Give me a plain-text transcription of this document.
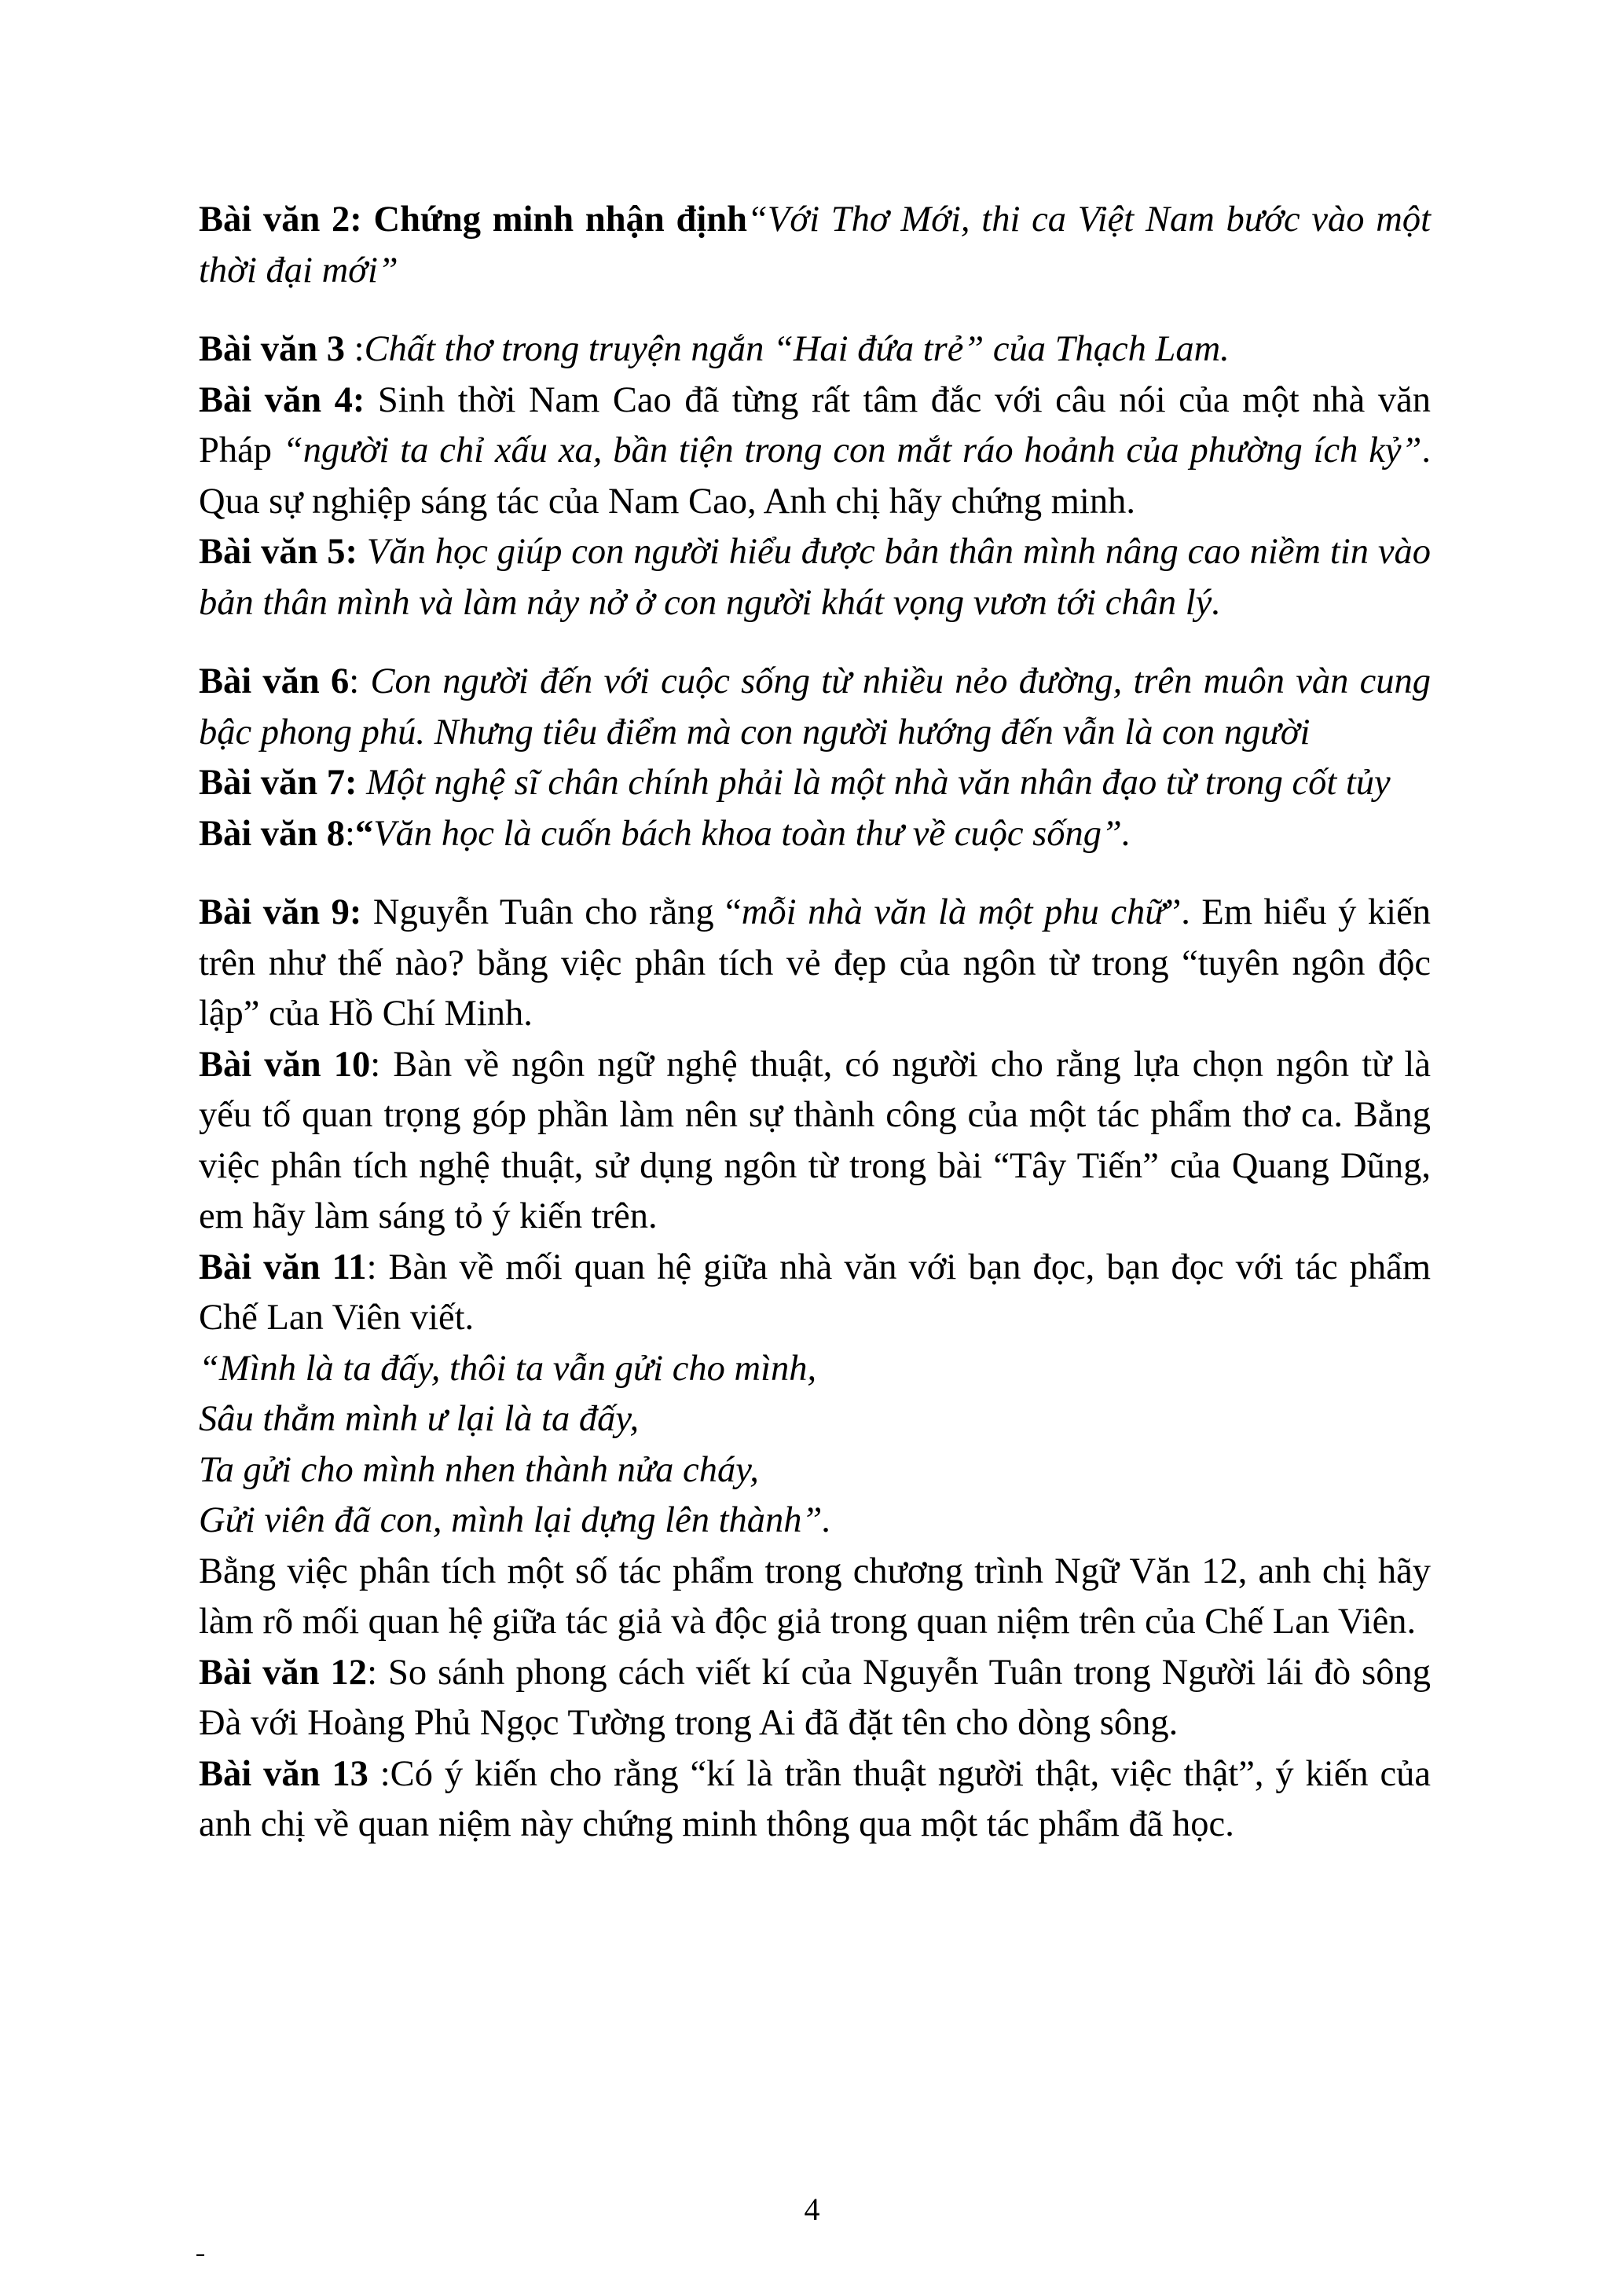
Bài văn 2: Chứng minh nhận định“Với Thơ Mới, thi ca Việt Nam bước vào một thời đại mới”

Bài văn 3 :Chất thơ trong truyện ngắn “Hai đứa trẻ” của Thạch Lam.

Bài văn 4: Sinh thời Nam Cao đã từng rất tâm đắc với câu nói của một nhà văn Pháp “người ta chỉ xấu xa, bần tiện trong con mắt ráo hoảnh của phường ích kỷ”. Qua sự nghiệp sáng tác của Nam Cao, Anh chị hãy chứng minh.

Bài văn 5: Văn học giúp con người hiểu được bản thân mình nâng cao niềm tin vào bản thân mình và làm nảy nở ở con người khát vọng vươn tới chân lý.

Bài văn 6: Con người đến với cuộc sống từ nhiều nẻo đường, trên muôn vàn cung bậc phong phú. Nhưng tiêu điểm mà con người hướng đến vẫn là con người

Bài văn 7: Một nghệ sĩ chân chính phải là một nhà văn nhân đạo từ trong cốt tủy

Bài văn 8:“Văn học là cuốn bách khoa toàn thư về cuộc sống”.

Bài văn 9: Nguyễn Tuân cho rằng “mỗi nhà văn là một phu chữ”. Em hiểu ý kiến trên như thế nào? bằng việc phân tích vẻ đẹp của ngôn từ trong “tuyên ngôn độc lập” của Hồ Chí Minh.

Bài văn 10: Bàn về ngôn ngữ nghệ thuật, có người cho rằng lựa chọn ngôn từ là yếu tố quan trọng góp phần làm nên sự thành công của một tác phẩm thơ ca. Bằng việc phân tích nghệ thuật, sử dụng ngôn từ trong bài “Tây Tiến” của Quang Dũng, em hãy làm sáng tỏ ý kiến trên.

Bài văn 11: Bàn về mối quan hệ giữa nhà văn với bạn đọc, bạn đọc với tác phẩm Chế Lan Viên viết.

“Mình là ta đấy, thôi ta vẫn gửi cho mình,

Sâu thẳm mình ư lại là ta đấy,

Ta gửi cho mình nhen thành nửa cháy,

Gửi viên đã con, mình lại dựng lên thành”.

Bằng việc phân tích một số tác phẩm trong chương trình Ngữ Văn 12, anh chị hãy làm rõ mối quan hệ giữa tác giả và độc giả trong quan niệm trên của Chế Lan Viên.

Bài văn 12: So sánh phong cách viết kí của Nguyễn Tuân trong Người lái đò sông Đà với Hoàng Phủ Ngọc Tường trong Ai đã đặt tên cho dòng sông.

Bài văn 13 :Có ý kiến cho rằng “kí là trần thuật người thật, việc thật”, ý kiến của anh chị về quan niệm này chứng minh thông qua một tác phẩm đã học.

4
